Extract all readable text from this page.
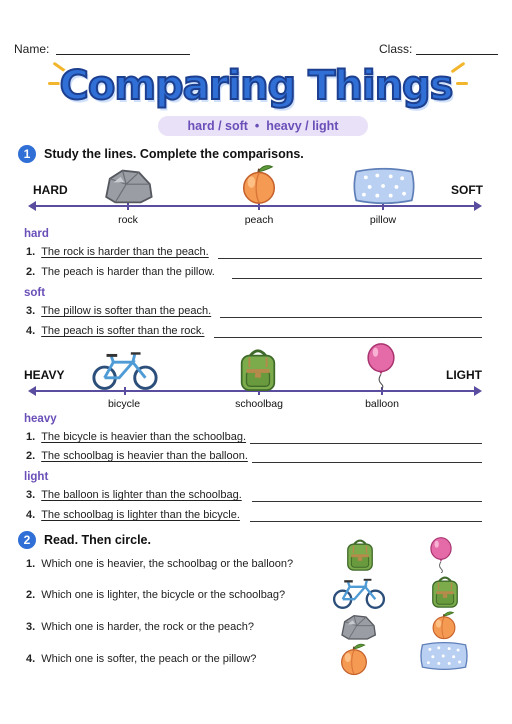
Name:	Class:
Comparing Things
hard / soft  •  heavy / light
1	Study the lines. Complete the comparisons.
HARD	SOFT
rock	peach	pillow
hard
1. The rock is harder than the peach.
2. The peach is harder than the pillow.
soft
3. The pillow is softer than the peach.
4. The peach is softer than the rock.
HEAVY	LIGHT
bicycle	schoolbag	balloon
heavy
1. The bicycle is heavier than the schoolbag.
2. The schoolbag is heavier than the balloon.
light
3. The balloon is lighter than the schoolbag.
4. The schoolbag is lighter than the bicycle.
2	Read. Then circle.
1. Which one is heavier, the schoolbag or the balloon?
2. Which one is lighter, the bicycle or the schoolbag?
3. Which one is harder, the rock or the peach?
4. Which one is softer, the peach or the pillow?
